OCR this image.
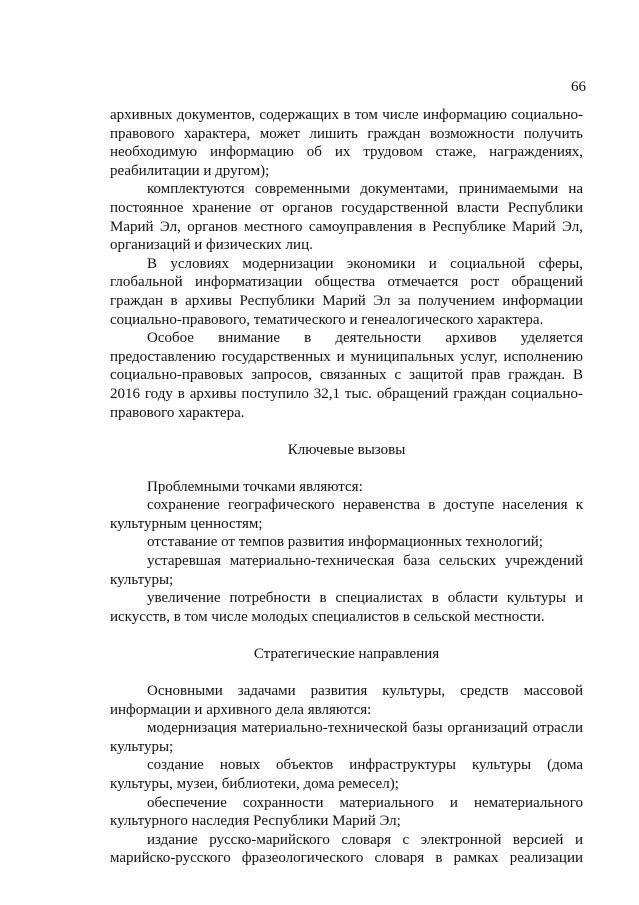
66

архивных документов, содержащих в том числе информацию социально-правового характера, может лишить граждан возможности получить необходимую информацию об их трудовом стаже, награждениях, реабилитации и другом);

комплектуются современными документами, принимаемыми на постоянное хранение от органов государственной власти Республики Марий Эл, органов местного самоуправления в Республике Марий Эл, организаций и физических лиц.

В условиях модернизации экономики и социальной сферы, глобальной информатизации общества отмечается рост обращений граждан в архивы Республики Марий Эл за получением информации социально-правового, тематического и генеалогического характера.

Особое внимание в деятельности архивов уделяется предоставлению государственных и муниципальных услуг, исполнению социально-правовых запросов, связанных с защитой прав граждан. В 2016 году в архивы поступило 32,1 тыс. обращений граждан социально-правового характера.

Ключевые вызовы

Проблемными точками являются:

сохранение географического неравенства в доступе населения к культурным ценностям;

отставание от темпов развития информационных технологий;

устаревшая материально-техническая база сельских учреждений культуры;

увеличение потребности в специалистах в области культуры и искусств, в том числе молодых специалистов в сельской местности.

Стратегические направления

Основными задачами развития культуры, средств массовой информации и архивного дела являются:

модернизация материально-технической базы организаций отрасли культуры;

создание новых объектов инфраструктуры культуры (дома культуры, музеи, библиотеки, дома ремесел);

обеспечение сохранности материального и нематериального культурного наследия Республики Марий Эл;

издание русско-марийского словаря с электронной версией и марийско-русского фразеологического словаря в рамках реализации
